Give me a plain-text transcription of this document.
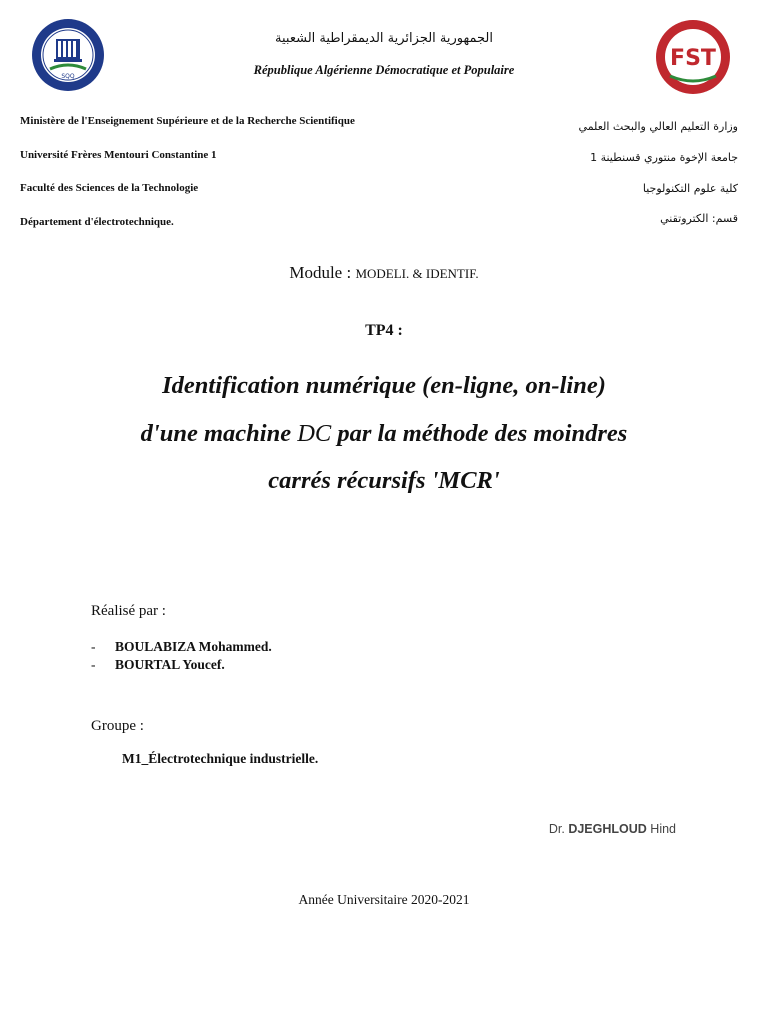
SQQ
FST
الجمهورية الجزائرية الديمقراطية الشعبية
République Algérienne Démocratique et Populaire
Ministère de l'Enseignement Supérieure et de la Recherche Scientifique
Université Frères Mentouri Constantine 1
Faculté des Sciences de la Technologie
Département d'électrotechnique.
وزارة التعليم العالي والبحث العلمي
جامعة الإخوة منتوري قسنطينة 1
كلية علوم التكنولوجيا
قسم: الكتروتقني
Module : MODELI. & IDENTIF.
TP4 :
Identification numérique (en-ligne, on-line)
d'une machine DC par la méthode des moindres
carrés récursifs 'MCR'
Réalisé par :
- BOULABIZA Mohammed.
- BOURTAL Youcef.
Groupe :
M1_Électrotechnique industrielle.
Dr. DJEGHLOUD Hind
Année Universitaire 2020-2021
